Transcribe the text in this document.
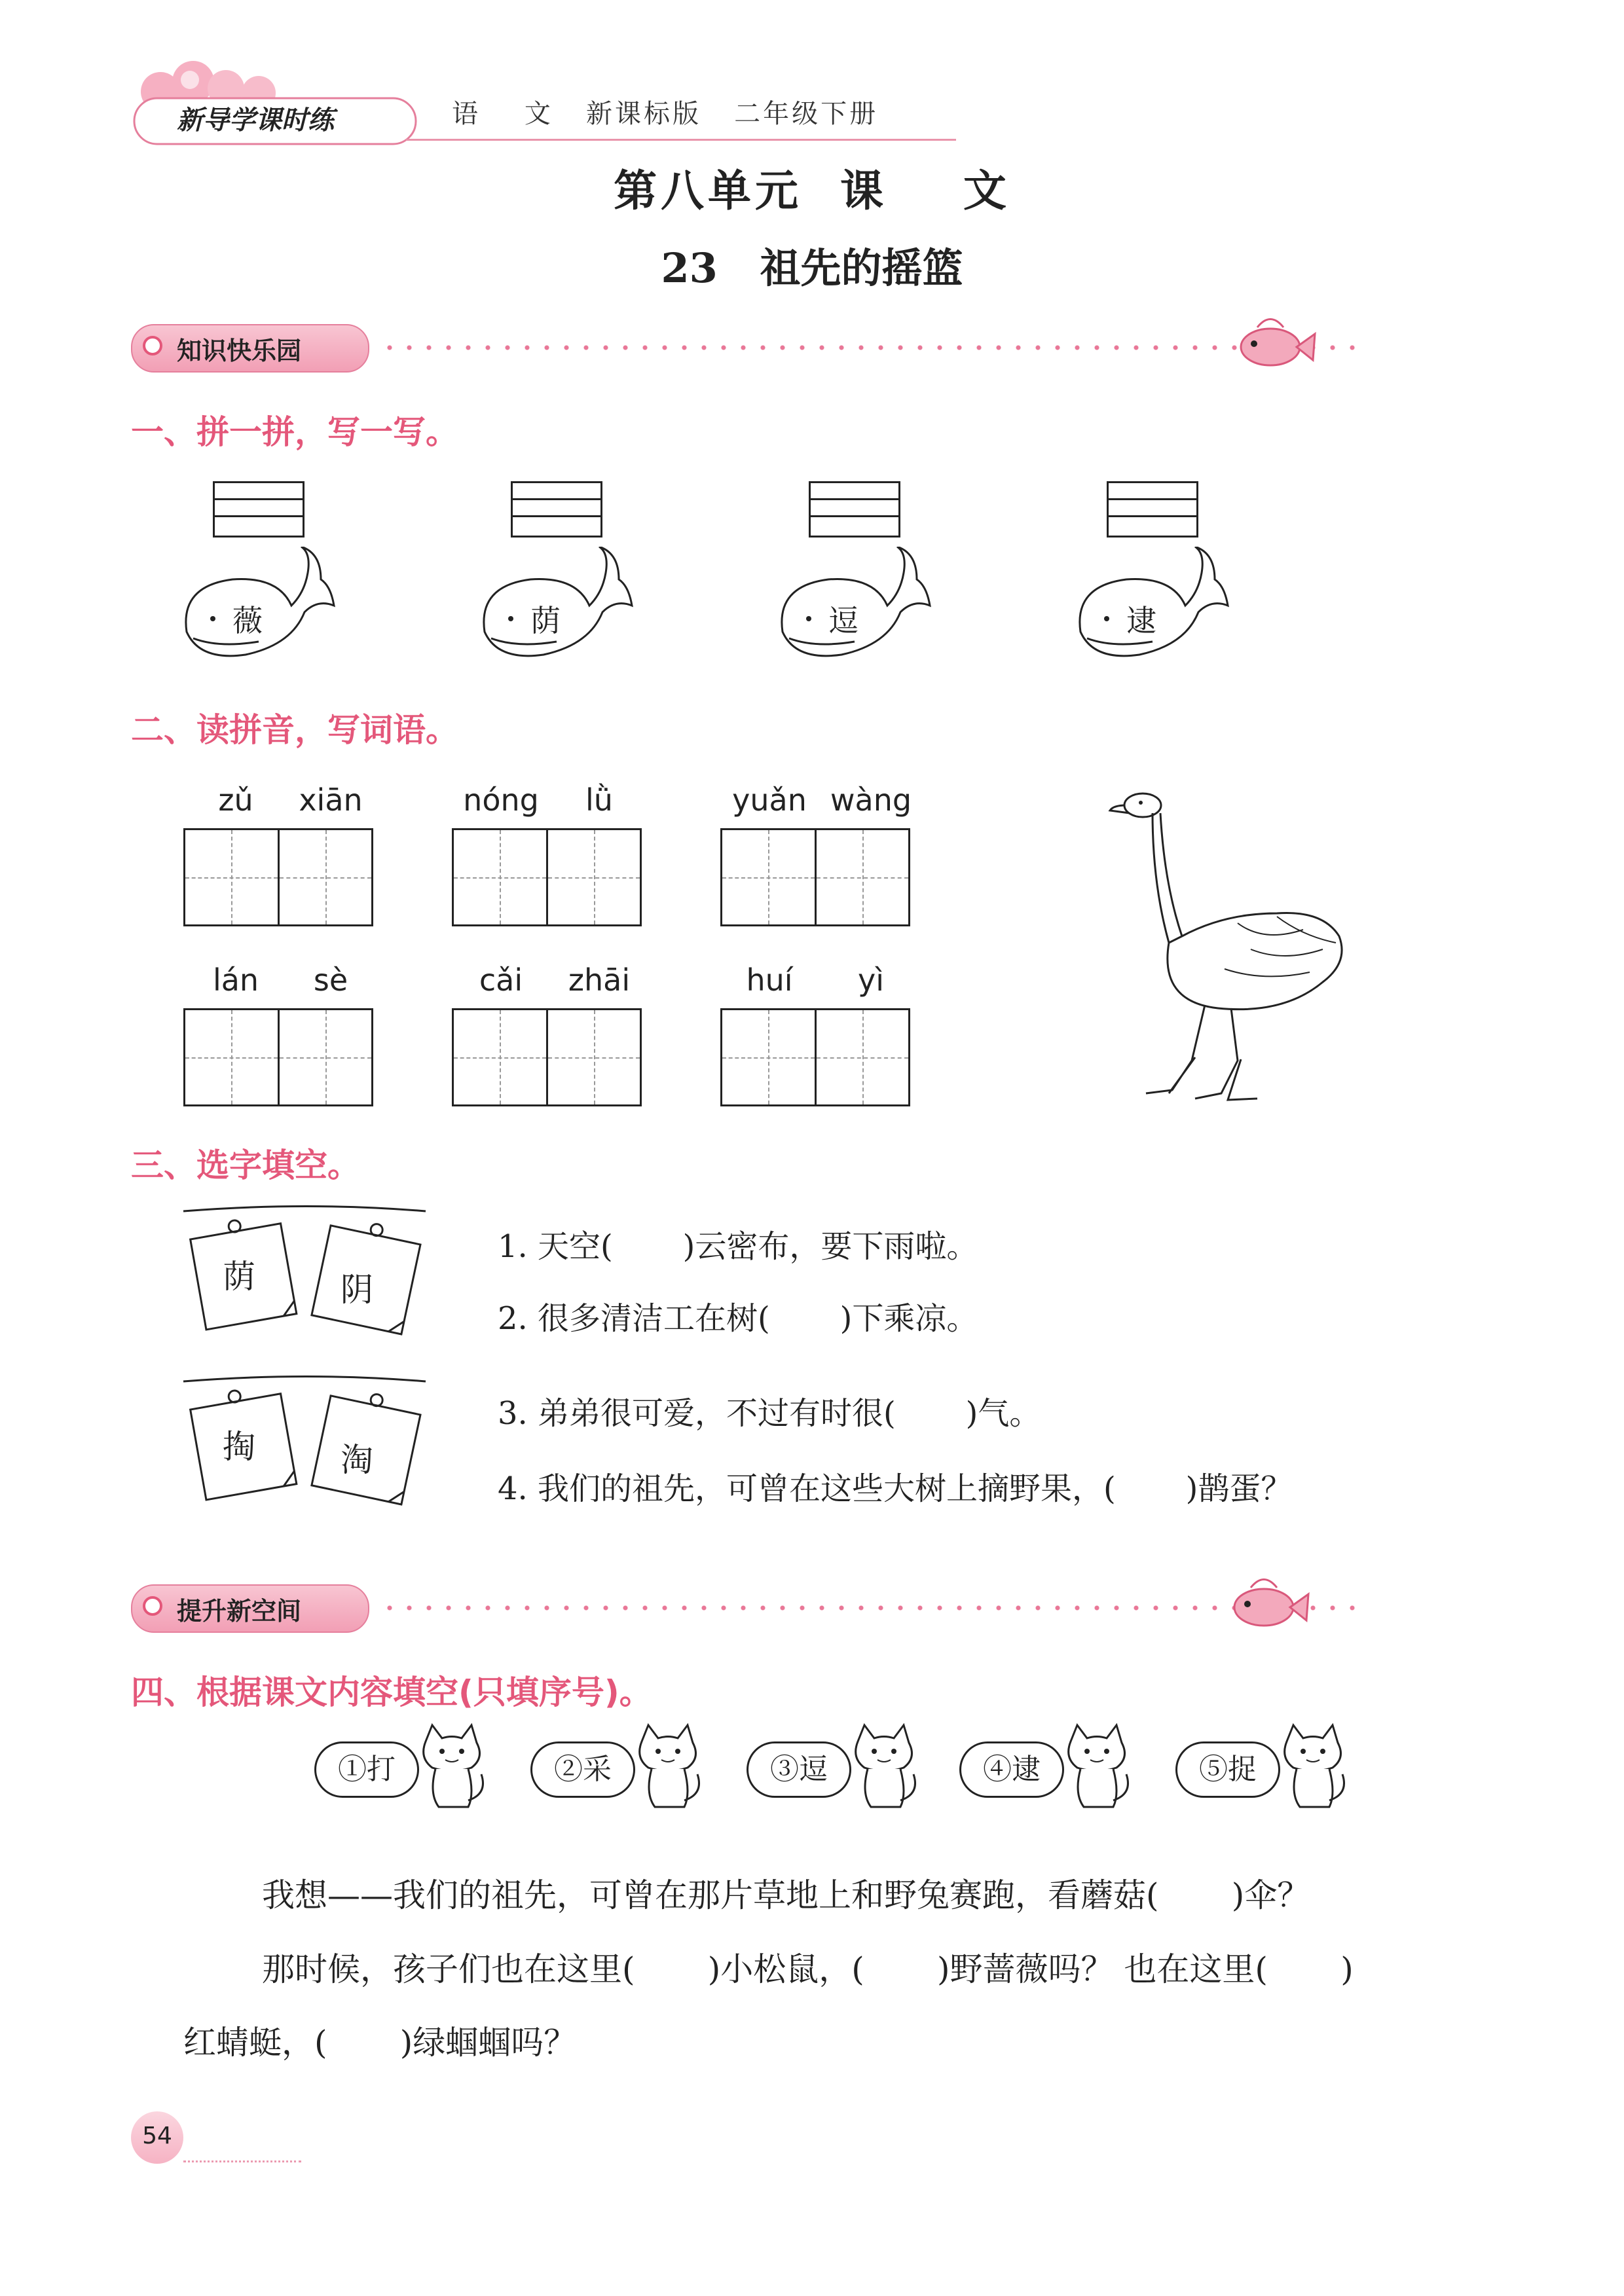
新导学课时练	语    文   新课标版   二年级下册
第八单元  课    文
23   祖先的摇篮
知识快乐园
一、拼一拼，写一写。
薇	荫	逗	逮
二、读拼音，写词语。
zǔ	xiān	nóng	lǜ	yuǎn wàng
lán	sè	cǎi	zhāi	huí	yì
三、选字填空。
荫	阴
掏	淘
1. 天空(       )云密布，要下雨啦。
2. 很多清洁工在树(       )下乘凉。
3. 弟弟很可爱，不过有时很(       )气。
4. 我们的祖先，可曾在这些大树上摘野果，(       )鹊蛋？
提升新空间
四、根据课文内容填空(只填序号)。
①打	②采	③逗	④逮	⑤捉
我想——我们的祖先，可曾在那片草地上和野兔赛跑，看蘑菇(       )伞？
那时候，孩子们也在这里(       )小松鼠，(       )野蔷薇吗？ 也在这里(       )
红蜻蜓，(       )绿蝈蝈吗？
54
